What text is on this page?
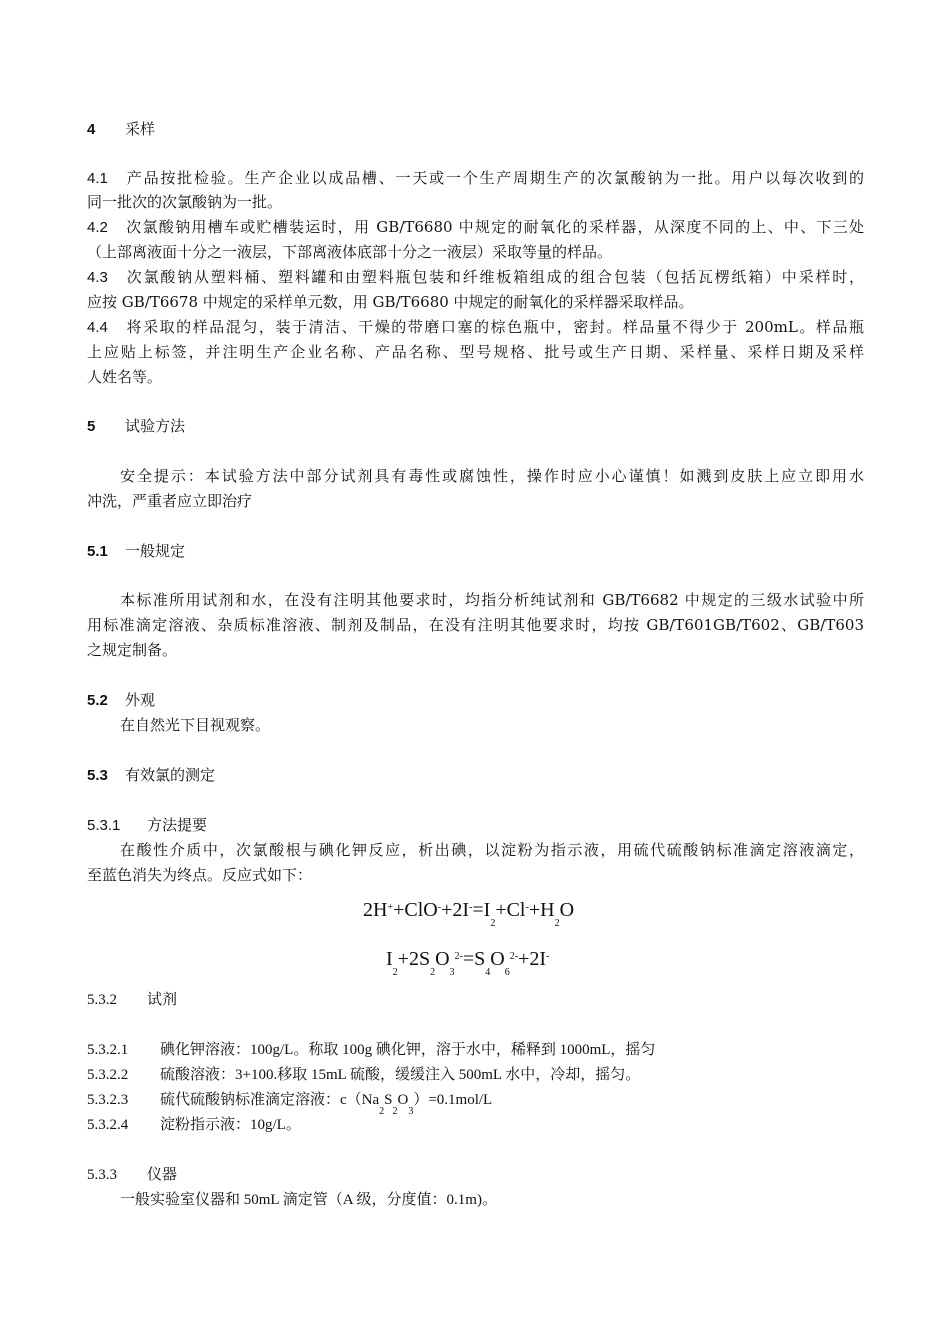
4 采样
4.1 产品按批检验。生产企业以成品槽、一天或一个生产周期生产的次氯酸钠为一批。用户以每次收到的
同一批次的次氯酸钠为一批。
4.2 次氯酸钠用槽车或贮槽装运时，用 GB/T6680 中规定的耐氧化的采样器，从深度不同的上、中、下三处
（上部离液面十分之一液层，下部离液体底部十分之一液层）采取等量的样品。
4.3 次氯酸钠从塑料桶、塑料罐和由塑料瓶包装和纤维板箱组成的组合包装（包括瓦楞纸箱）中采样时，
应按 GB/T6678 中规定的采样单元数，用 GB/T6680 中规定的耐氧化的采样器采取样品。
4.4 将采取的样品混匀，装于清洁、干燥的带磨口塞的棕色瓶中，密封。样品量不得少于 200mL。样品瓶
上应贴上标签，并注明生产企业名称、产品名称、型号规格、批号或生产日期、采样量、采样日期及采样
人姓名等。
5 试验方法
安全提示：本试验方法中部分试剂具有毒性或腐蚀性，操作时应小心谨慎！如溅到皮肤上应立即用水
冲洗，严重者应立即治疗
5.1 一般规定
本标准所用试剂和水，在没有注明其他要求时，均指分析纯试剂和 GB/T6682 中规定的三级水试验中所
用标准滴定溶液、杂质标准溶液、制剂及制品，在没有注明其他要求时，均按 GB/T601GB/T602、GB/T603
之规定制备。
5.2 外观
在自然光下目视观察。
5.3 有效氯的测定
5.3.1 方法提要
在酸性介质中，次氯酸根与碘化钾反应，析出碘，以淀粉为指示液，用硫代硫酸钠标准滴定溶液滴定，
至蓝色消失为终点。反应式如下：
$2H^++ClO^-+2I^-=I_2+Cl^-+H_2O$
$I_2+2S_2O_3^{2-}=S_4O_6^{2-}+2I^-$
5.3.2 试剂
5.3.2.1 碘化钾溶液：100g/L。称取 100g 碘化钾，溶于水中，稀释到 1000mL，摇匀
5.3.2.2 硫酸溶液：3+100.移取 15mL 硫酸，缓缓注入 500mL 水中，冷却，摇匀。
5.3.2.3 硫代硫酸钠标准滴定溶液：$c(Na_2S_2O_3)=0.1mol/L$
5.3.2.4 淀粉指示液：10g/L。
5.3.3 仪器
一般实验室仪器和 50mL 滴定管（A 级，分度值：0.1m)。
